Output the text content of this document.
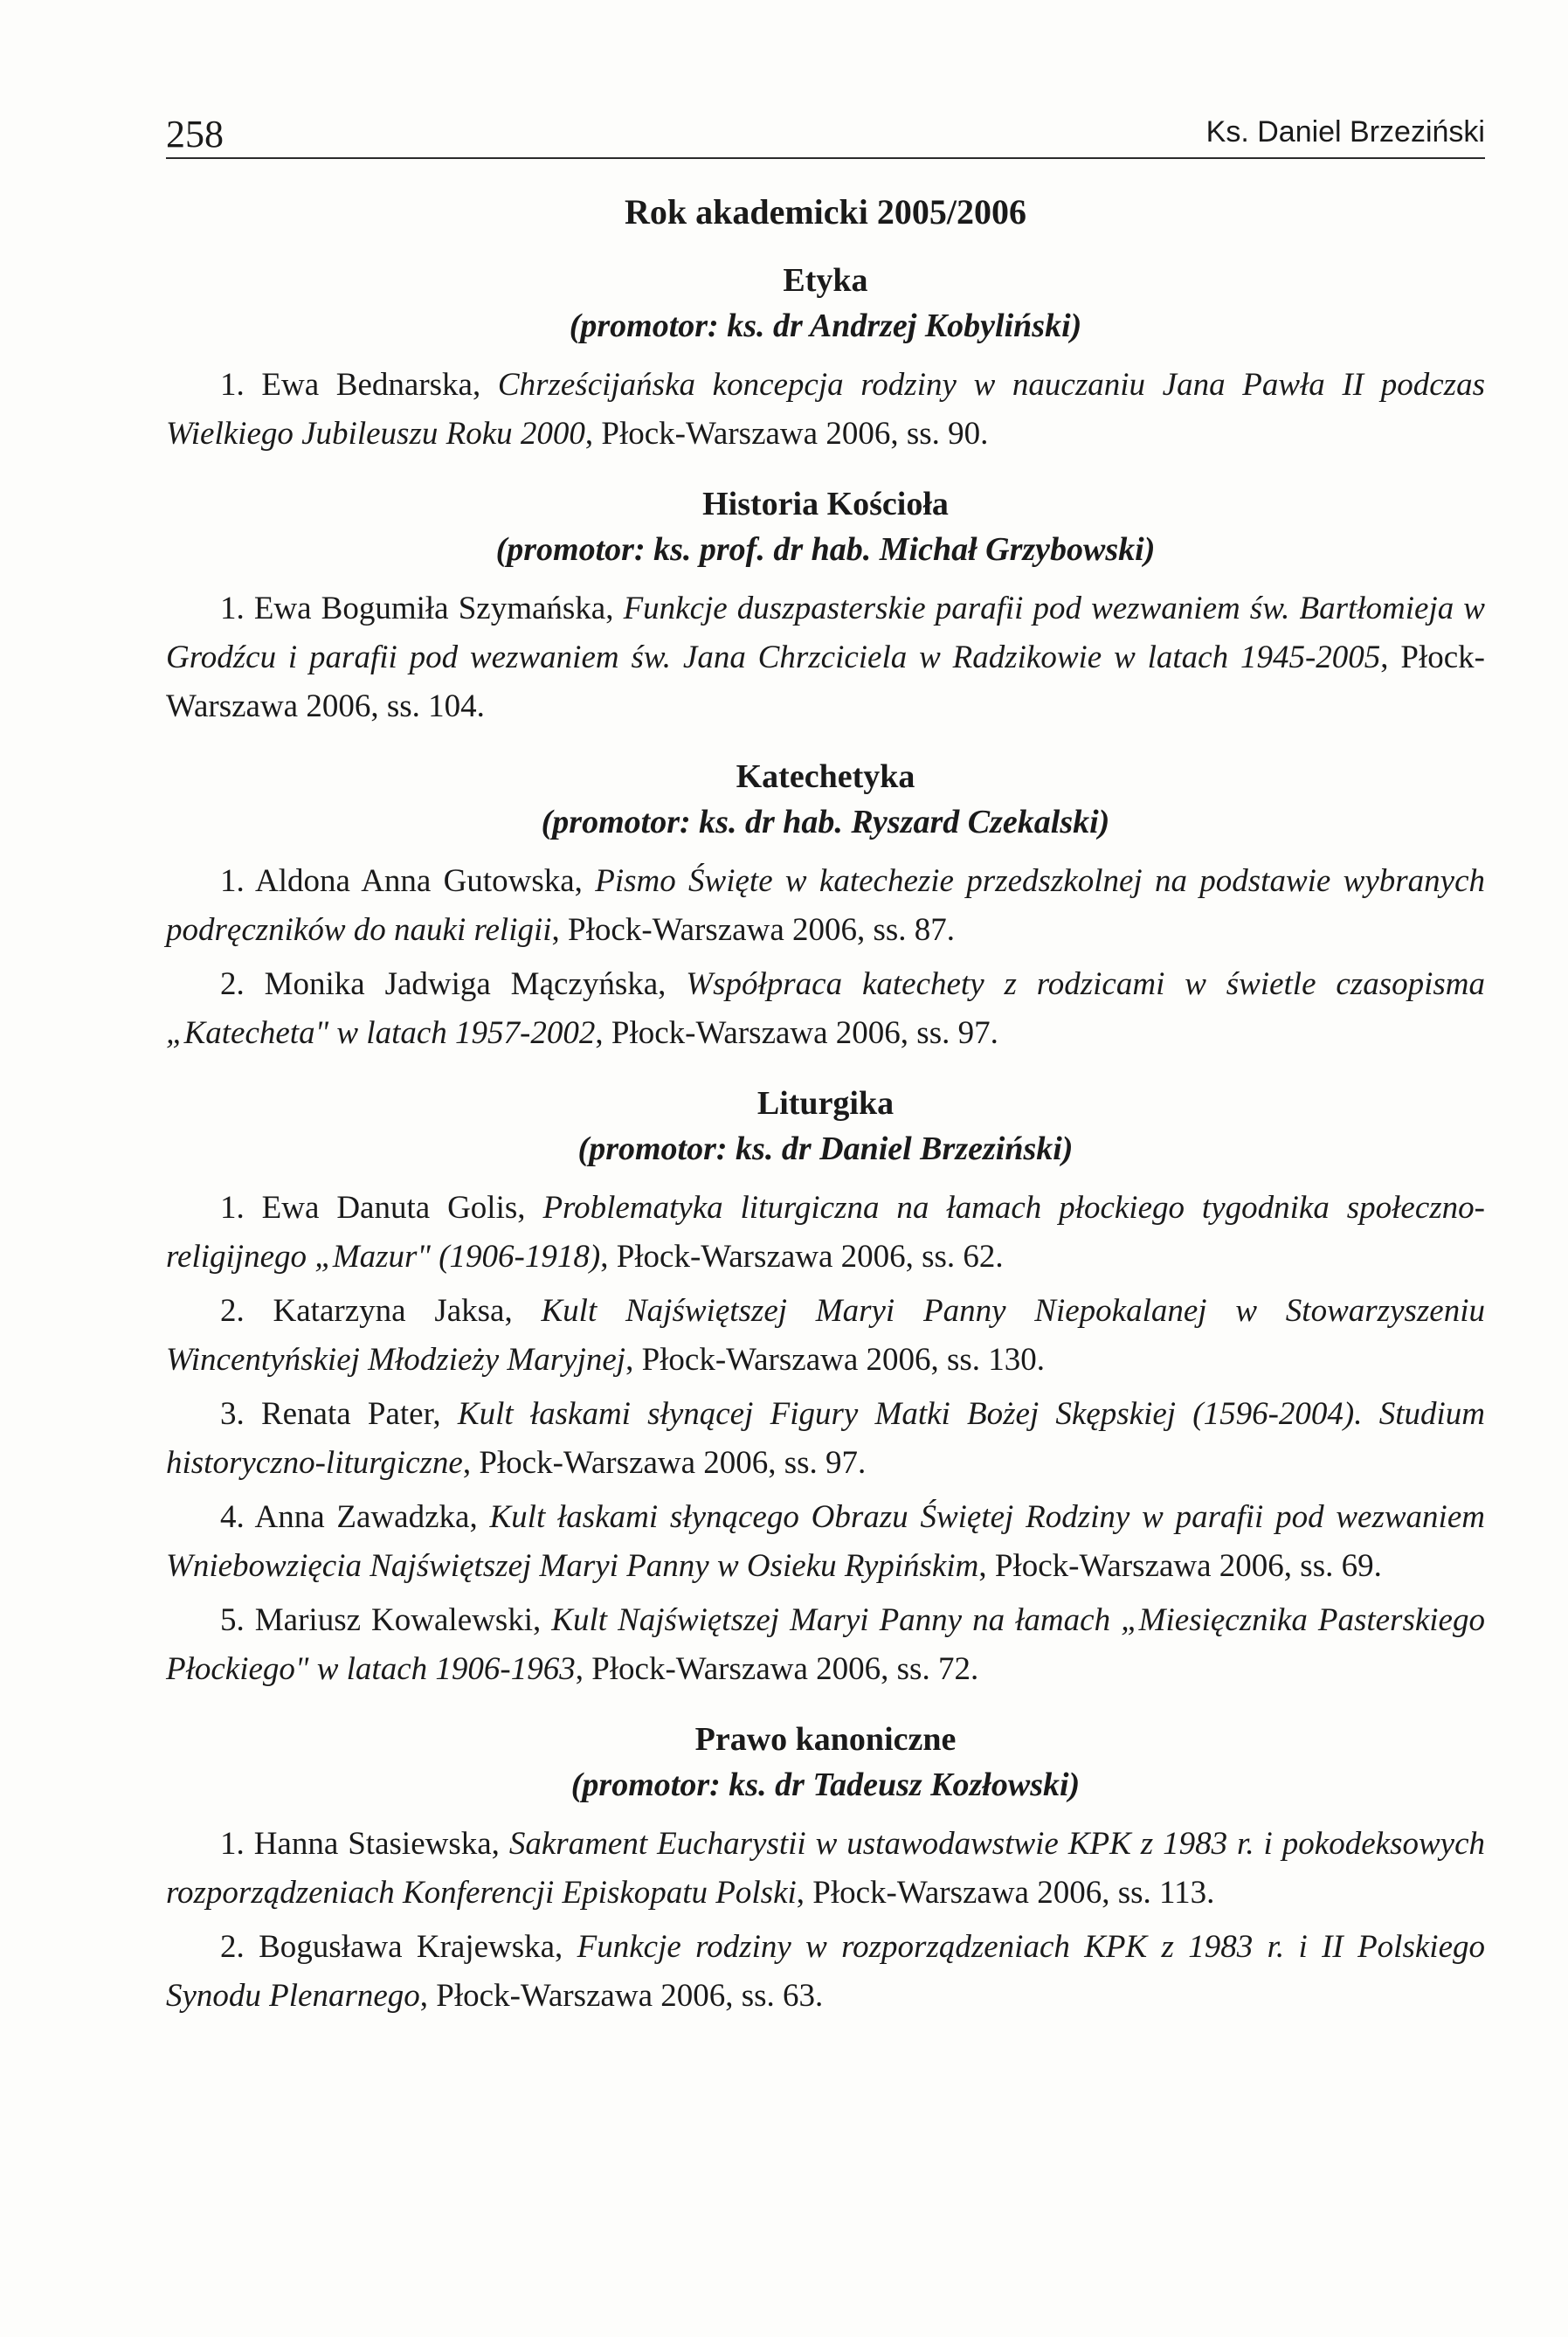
258	Ks. Daniel Brzeziński
Rok akademicki 2005/2006
Etyka
(promotor: ks. dr Andrzej Kobyliński)

1. Ewa Bednarska, Chrześcijańska koncepcja rodziny w nauczaniu Jana Pawła II podczas Wielkiego Jubileuszu Roku 2000, Płock-Warszawa 2006, ss. 90.

Historia Kościoła
(promotor: ks. prof. dr hab. Michał Grzybowski)

1. Ewa Bogumiła Szymańska, Funkcje duszpasterskie parafii pod wezwaniem św. Bartłomieja w Grodźcu i parafii pod wezwaniem św. Jana Chrzciciela w Radzikowie w latach 1945-2005, Płock-Warszawa 2006, ss. 104.

Katechetyka
(promotor: ks. dr hab. Ryszard Czekalski)

1. Aldona Anna Gutowska, Pismo Święte w katechezie przedszkolnej na podstawie wybranych podręczników do nauki religii, Płock-Warszawa 2006, ss. 87.

2. Monika Jadwiga Mączyńska, Współpraca katechety z rodzicami w świetle czasopisma „Katecheta" w latach 1957-2002, Płock-Warszawa 2006, ss. 97.

Liturgika
(promotor: ks. dr Daniel Brzeziński)

1. Ewa Danuta Golis, Problematyka liturgiczna na łamach płockiego tygodnika społeczno-religijnego „Mazur" (1906-1918), Płock-Warszawa 2006, ss. 62.

2. Katarzyna Jaksa, Kult Najświętszej Maryi Panny Niepokalanej w Stowarzyszeniu Wincentyńskiej Młodzieży Maryjnej, Płock-Warszawa 2006, ss. 130.

3. Renata Pater, Kult łaskami słynącej Figury Matki Bożej Skępskiej (1596-2004). Studium historyczno-liturgiczne, Płock-Warszawa 2006, ss. 97.

4. Anna Zawadzka, Kult łaskami słynącego Obrazu Świętej Rodziny w parafii pod wezwaniem Wniebowzięcia Najświętszej Maryi Panny w Osieku Rypińskim, Płock-Warszawa 2006, ss. 69.

5. Mariusz Kowalewski, Kult Najświętszej Maryi Panny na łamach „Miesięcznika Pasterskiego Płockiego" w latach 1906-1963, Płock-Warszawa 2006, ss. 72.

Prawo kanoniczne
(promotor: ks. dr Tadeusz Kozłowski)

1. Hanna Stasiewska, Sakrament Eucharystii w ustawodawstwie KPK z 1983 r. i pokodeksowych rozporządzeniach Konferencji Episkopatu Polski, Płock-Warszawa 2006, ss. 113.

2. Bogusława Krajewska, Funkcje rodziny w rozporządzeniach KPK z 1983 r. i II Polskiego Synodu Plenarnego, Płock-Warszawa 2006, ss. 63.
